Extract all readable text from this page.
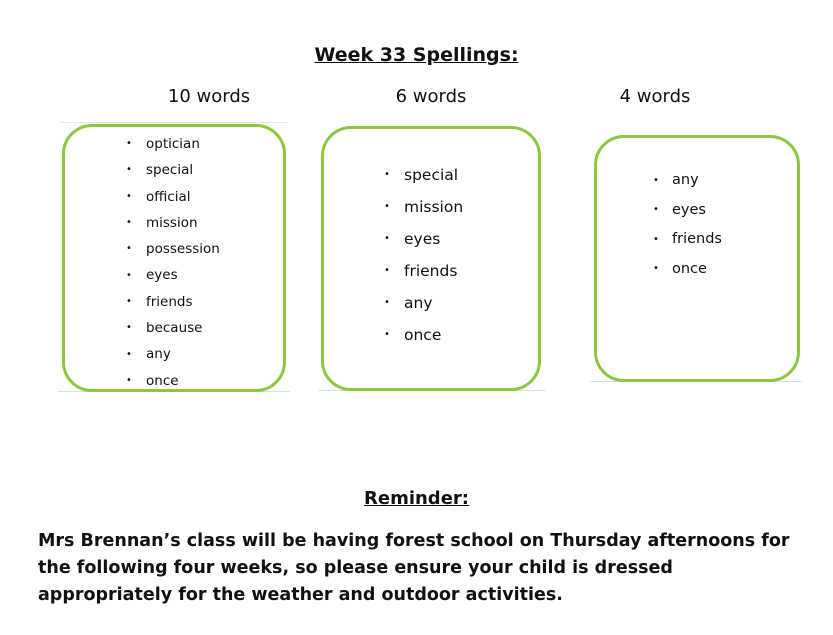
Week 33 Spellings:
10 words	6 words	4 words
•	optician
•	special
•	official
•	mission
•	possession
•	eyes
•	friends
•	because
•	any
•	once
• special
• mission
• eyes
• friends
• any
• once
• any
• eyes
• friends
• once
Reminder:
Mrs Brennan’s class will be having forest school on Thursday afternoons for the following four weeks, so please ensure your child is dressed appropriately for the weather and outdoor activities.
